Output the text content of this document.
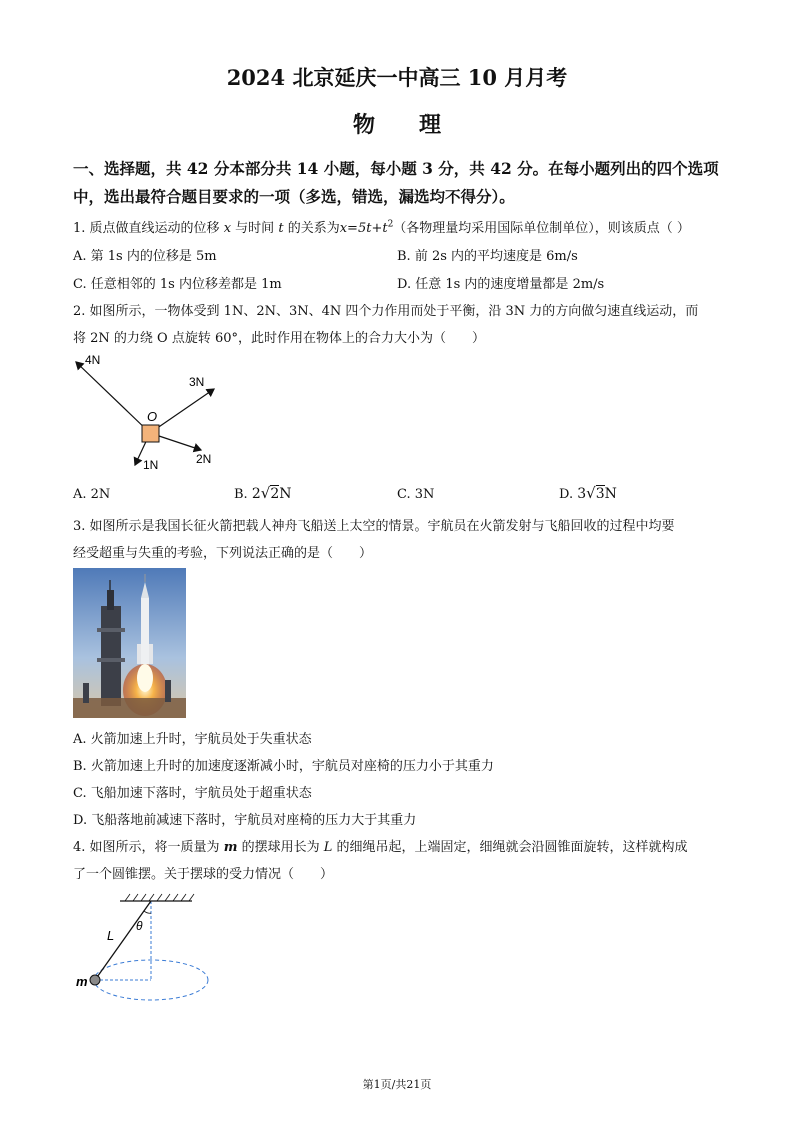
2024 北京延庆一中高三 10 月月考
物　　理
一、选择题，共 42 分本部分共 14 小题，每小题 3 分，共 42 分。在每小题列出的四个选项
中，选出最符合题目要求的一项（多选，错选，漏选均不得分）。
1. 质点做直线运动的位移 x 与时间 t 的关系为$x=5t+t^2$（各物理量均采用国际单位制单位），则该质点（ ）
A. 第 1s 内的位移是 5m	B. 前 2s 内的平均速度是 6m/s
C. 任意相邻的 1s 内位移差都是 1m	D. 任意 1s 内的速度增量都是 2m/s
2. 如图所示，一物体受到 1N、2N、3N、4N 四个力作用而处于平衡，沿 3N 力的方向做匀速直线运动，而
将 2N 的力绕 O 点旋转 60°，此时作用在物体上的合力大小为（　　）
4N
3N
O
1N	2N
A. 2N	B. 2√2N	C. 3N	D. 3√3N
3. 如图所示是我国长征火箭把载人神舟飞船送上太空的情景。宇航员在火箭发射与飞船回收的过程中均要
经受超重与失重的考验，下列说法正确的是（　　）
A. 火箭加速上升时，宇航员处于失重状态
B. 火箭加速上升时的加速度逐渐减小时，宇航员对座椅的压力小于其重力
C. 飞船加速下落时，宇航员处于超重状态
D. 飞船落地前减速下落时，宇航员对座椅的压力大于其重力
4. 如图所示，将一质量为 m 的摆球用长为 L 的细绳吊起，上端固定，细绳就会沿圆锥面旋转，这样就构成
了一个圆锥摆。关于摆球的受力情况（　　）
L
θ
m
第1页/共21页
